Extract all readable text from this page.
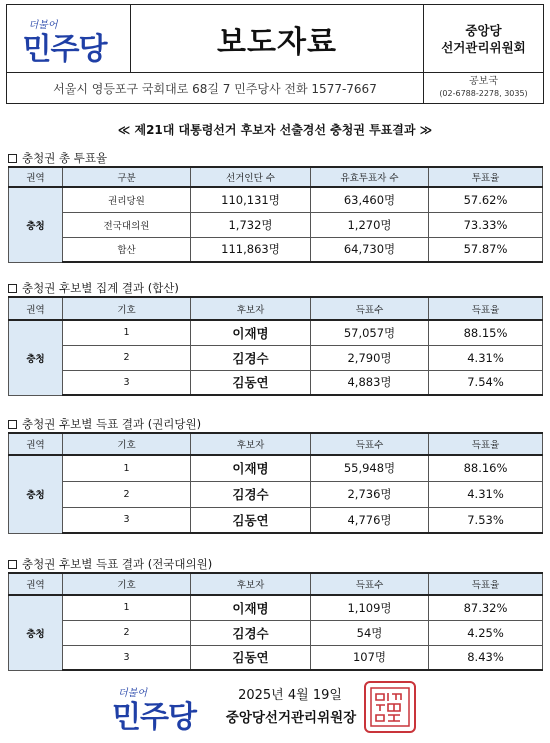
더불어
민주당	보도자료	중앙당
선거관리위원회
서울시 영등포구 국회대로 68길 7 민주당사 전화 1577-7667	공보국
(02-6788-2278, 3035)
≪ 제21대 대통령선거 후보자 선출경선 충청권 투표결과 ≫
충청권 총 투표율
권역	구분	선거인단 수	유효투표자 수	투표율
충청	권리당원	110,131명	63,460명	57.62%
	전국대의원	1,732명	1,270명	73.33%
	합산	111,863명	64,730명	57.87%
충청권 후보별 집계 결과 (합산)
권역	기호	후보자	득표수	득표율
충청	1	이재명	57,057명	88.15%
	2	김경수	2,790명	4.31%
	3	김동연	4,883명	7.54%
충청권 후보별 득표 결과 (권리당원)
권역	기호	후보자	득표수	득표율
충청	1	이재명	55,948명	88.16%
	2	김경수	2,736명	4.31%
	3	김동연	4,776명	7.53%
충청권 후보별 득표 결과 (전국대의원)
권역	기호	후보자	득표수	득표율
충청	1	이재명	1,109명	87.32%
	2	김경수	54명	4.25%
	3	김동연	107명	8.43%
더불어
민주당
2025년 4월 19일
중앙당선거관리위원장
